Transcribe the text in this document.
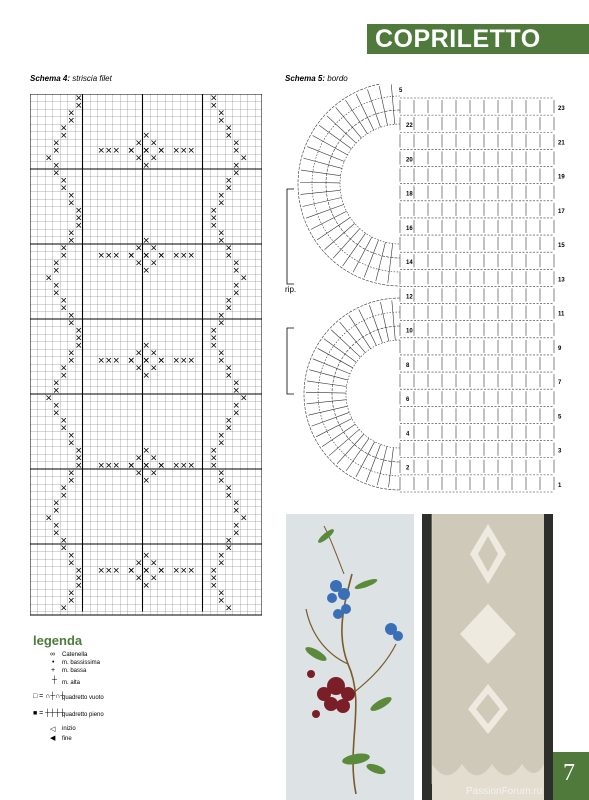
COPRILETTO
Schema 4: striscia filet	Schema 5: bordo
23
22
21
20
19
18
17
16
15
14
13
12
11
10
9
8
7
6
5
4
3
2
1
5
rip.
legenda
∞ Catenella
• m. bassissima
+ m. bassa
┼ m. alta
□ = ∩┼∩┼
quadretto vuoto
■ = ┼┼┼┼
quadretto pieno
◁ inizio
◀ fine
7
PassionForum.ru
